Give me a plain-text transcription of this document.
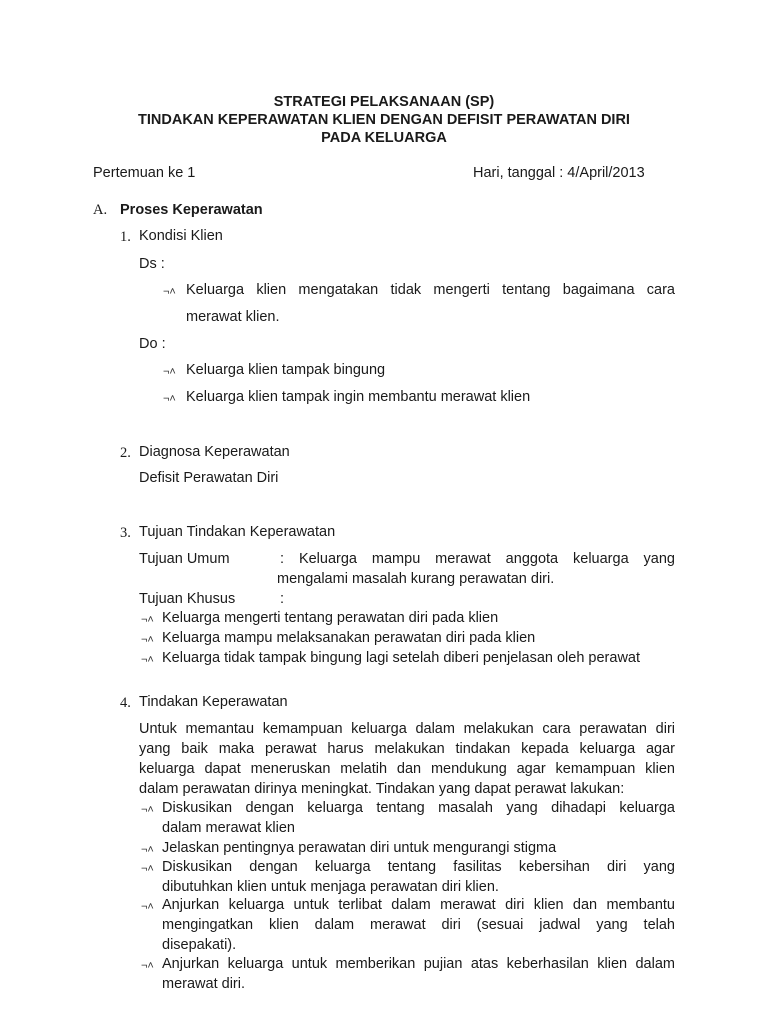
STRATEGI PELAKSANAAN (SP)
TINDAKAN KEPERAWATAN KLIEN DENGAN DEFISIT PERAWATAN DIRI
PADA KELUARGA
Pertemuan ke 1	Hari, tanggal : 4/April/2013
A. Proses Keperawatan
1. Kondisi Klien
Ds :
¬˄ Keluarga klien mengatakan tidak mengerti tentang bagaimana cara
merawat klien.
Do :
¬˄ Keluarga klien tampak bingung
¬˄ Keluarga klien tampak ingin membantu merawat klien
2. Diagnosa Keperawatan
Defisit Perawatan Diri
3. Tujuan Tindakan Keperawatan
Tujuan Umum	: Keluarga mampu merawat anggota keluarga yang
mengalami masalah kurang perawatan diri.
Tujuan Khusus	:
¬˄ Keluarga mengerti tentang perawatan diri pada klien
¬˄ Keluarga mampu melaksanakan perawatan diri pada klien
¬˄ Keluarga tidak tampak bingung lagi setelah diberi penjelasan oleh perawat
4. Tindakan Keperawatan
Untuk memantau kemampuan keluarga dalam melakukan cara perawatan diri
yang baik maka perawat harus melakukan tindakan kepada keluarga agar
keluarga dapat meneruskan melatih dan mendukung agar kemampuan klien
dalam perawatan dirinya meningkat. Tindakan yang dapat perawat lakukan:
¬˄ Diskusikan dengan keluarga tentang masalah yang dihadapi keluarga
dalam merawat klien
¬˄ Jelaskan pentingnya perawatan diri untuk mengurangi stigma
¬˄ Diskusikan dengan keluarga tentang fasilitas kebersihan diri yang
dibutuhkan klien untuk menjaga perawatan diri klien.
¬˄ Anjurkan keluarga untuk terlibat dalam merawat diri klien dan membantu
mengingatkan klien dalam merawat diri (sesuai jadwal yang telah
disepakati).
¬˄ Anjurkan keluarga untuk memberikan pujian atas keberhasilan klien dalam
merawat diri.
